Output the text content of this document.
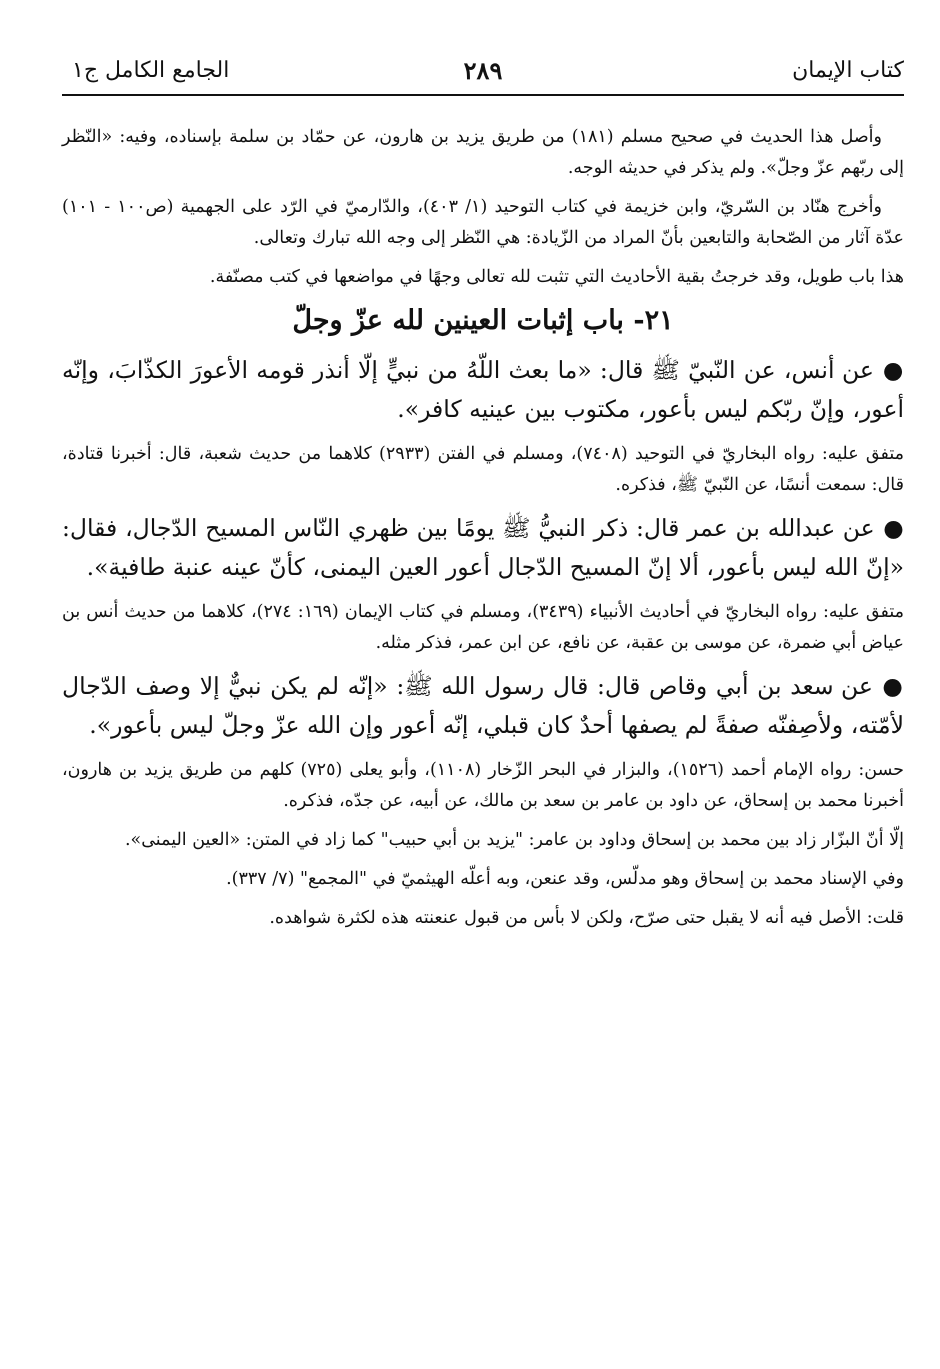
كتاب الإيمان
٢٨٩
الجامع الكامل ج١

وأصل هذا الحديث في صحيح مسلم (١٨١) من طريق يزيد بن هارون، عن حمّاد بن سلمة بإسناده، وفيه: «النّظر إلى ربّهم عزّ وجلّ». ولم يذكر في حديثه الوجه.

وأخرج هنّاد بن السّريّ، وابن خزيمة في كتاب التوحيد (١/ ٤٠٣)، والدّارميّ في الرّد على الجهمية (ص١٠٠ - ١٠١) عدّة آثار من الصّحابة والتابعين بأنّ المراد من الزّيادة: هي النّظر إلى وجه الله تبارك وتعالى.

هذا باب طويل، وقد خرجتُ بقية الأحاديث التي تثبت لله تعالى وجهًا في مواضعها في كتب مصنّفة.

٢١- باب إثبات العينين لله عزّ وجلّ

● عن أنس، عن النّبيّ ﷺ قال: «ما بعث اللّهُ من نبيٍّ إلّا أنذر قومه الأعورَ الكذّابَ، وإنّه أعور، وإنّ ربّكم ليس بأعور، مكتوب بين عينيه كافر».

متفق عليه: رواه البخاريّ في التوحيد (٧٤٠٨)، ومسلم في الفتن (٢٩٣٣) كلاهما من حديث شعبة، قال: أخبرنا قتادة، قال: سمعت أنسًا، عن النّبيّ ﷺ، فذكره.

● عن عبدالله بن عمر قال: ذكر النبيُّ ﷺ يومًا بين ظهري النّاس المسيح الدّجال، فقال: «إنّ الله ليس بأعور، ألا إنّ المسيح الدّجال أعور العين اليمنى، كأنّ عينه عنبة طافية».

متفق عليه: رواه البخاريّ في أحاديث الأنبياء (٣٤٣٩)، ومسلم في كتاب الإيمان (١٦٩: ٢٧٤)، كلاهما من حديث أنس بن عياض أبي ضمرة، عن موسى بن عقبة، عن نافع، عن ابن عمر، فذكر مثله.

● عن سعد بن أبي وقاص قال: قال رسول الله ﷺ: «إنّه لم يكن نبيٌّ إلا وصف الدّجال لأمّته، ولأصِفنّه صفةً لم يصفها أحدٌ كان قبلي، إنّه أعور وإن الله عزّ وجلّ ليس بأعور».

حسن: رواه الإمام أحمد (١٥٢٦)، والبزار في البحر الزّخار (١١٠٨)، وأبو يعلى (٧٢٥) كلهم من طريق يزيد بن هارون، أخبرنا محمد بن إسحاق، عن داود بن عامر بن سعد بن مالك، عن أبيه، عن جدّه، فذكره.

إلّا أنّ البزّار زاد بين محمد بن إسحاق وداود بن عامر: "يزيد بن أبي حبيب" كما زاد في المتن: «العين اليمنى».

وفي الإسناد محمد بن إسحاق وهو مدلّس، وقد عنعن، وبه أعلّه الهيثميّ في "المجمع" (٧/ ٣٣٧).

قلت: الأصل فيه أنه لا يقبل حتى صرّح، ولكن لا بأس من قبول عنعنته هذه لكثرة شواهده.
